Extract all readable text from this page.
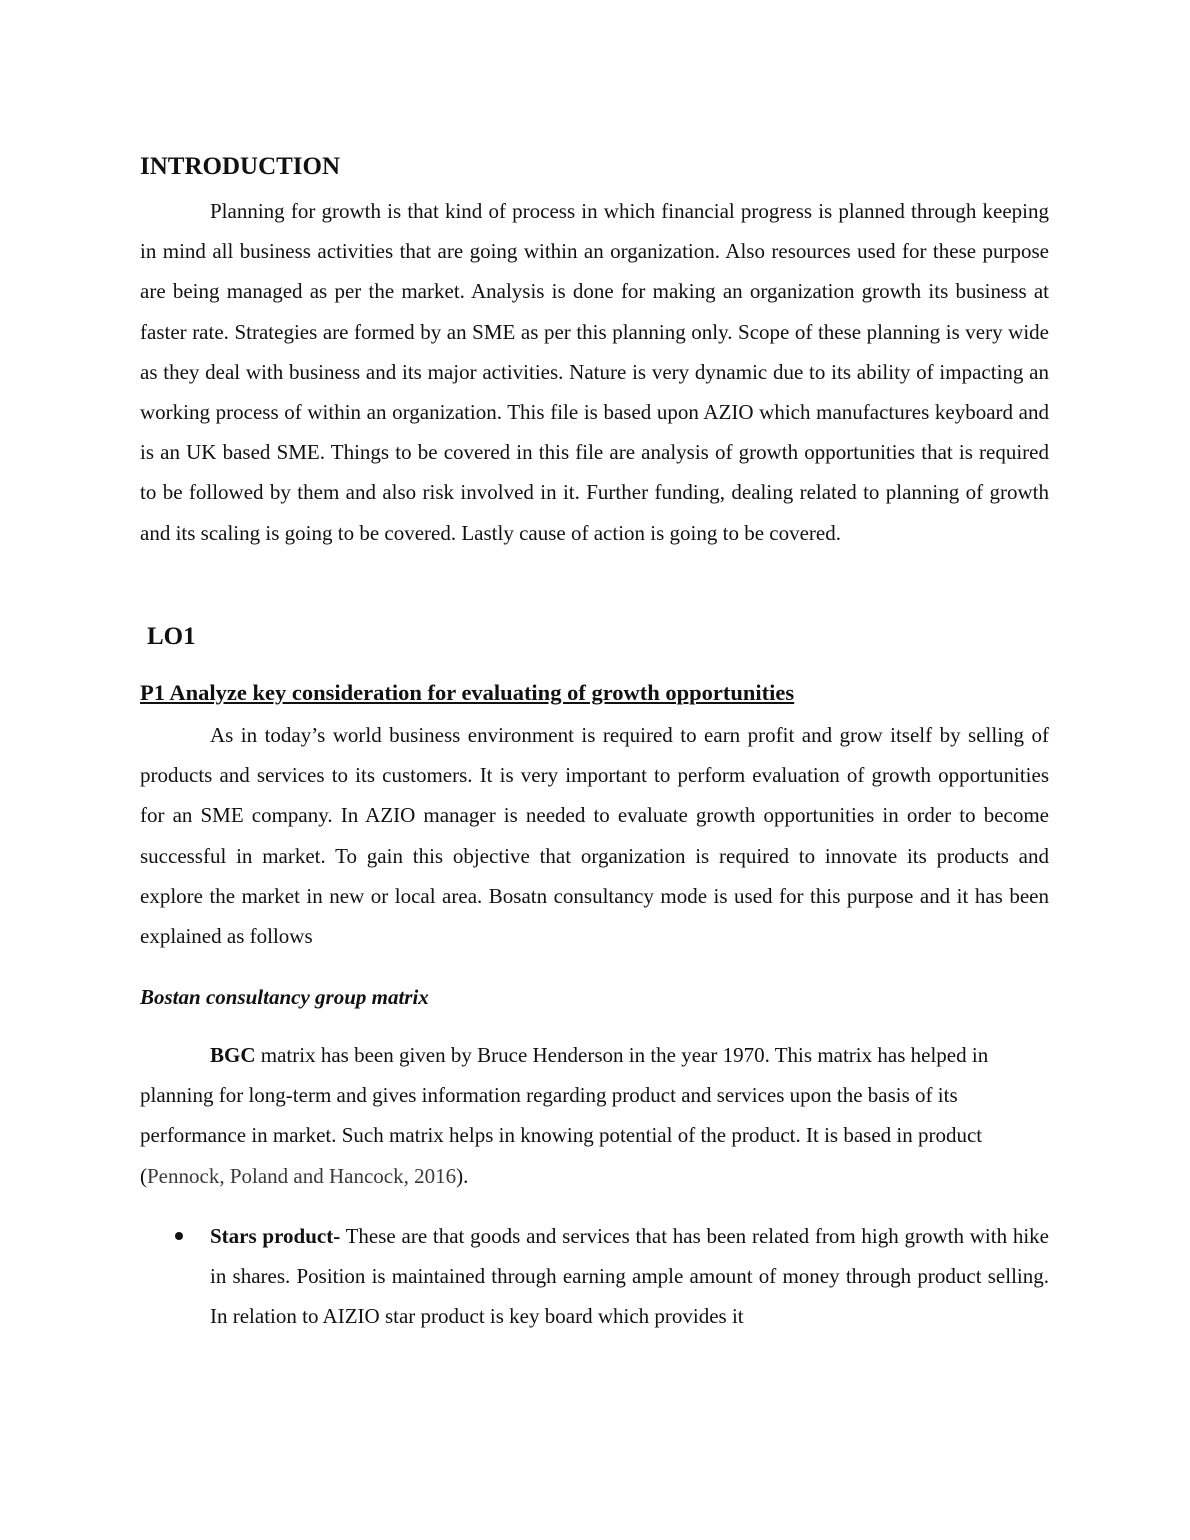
INTRODUCTION

Planning for growth is that kind of process in which financial progress is planned through keeping in mind all business activities that are going within an organization. Also resources used for these purpose are being managed as per the market. Analysis is done for making an organization growth its business at faster rate. Strategies are formed by an SME as per this planning only. Scope of these planning is very wide as they deal with business and its major activities. Nature is very dynamic due to its ability of impacting an working process of within an organization. This file is based upon AZIO which manufactures keyboard and is an UK based SME. Things to be covered in this file are analysis of growth opportunities that is required to be followed by them and also risk involved in it. Further funding, dealing related to planning of growth and its scaling is going to be covered. Lastly cause of action is going to be covered.

LO1
P1 Analyze key consideration for evaluating of growth opportunities

As in today’s world business environment is required to earn profit and grow itself by selling of products and services to its customers. It is very important to perform evaluation of growth opportunities for an SME company. In AZIO manager is needed to evaluate growth opportunities in order to become successful in market. To gain this objective that organization is required to innovate its products and explore the market in new or local area. Bosatn consultancy mode is used for this purpose and it has been explained as follows

Bostan consultancy group matrix

BGC matrix has been given by Bruce Henderson in the year 1970. This matrix has helped in planning for long-term and gives information regarding product and services upon the basis of its performance in market. Such matrix helps in knowing potential of the product. It is based in product (Pennock, Poland and Hancock, 2016).

Stars product- These are that goods and services that has been related from high growth with hike in shares. Position is maintained through earning ample amount of money through product selling. In relation to AIZIO star product is key board which provides it
